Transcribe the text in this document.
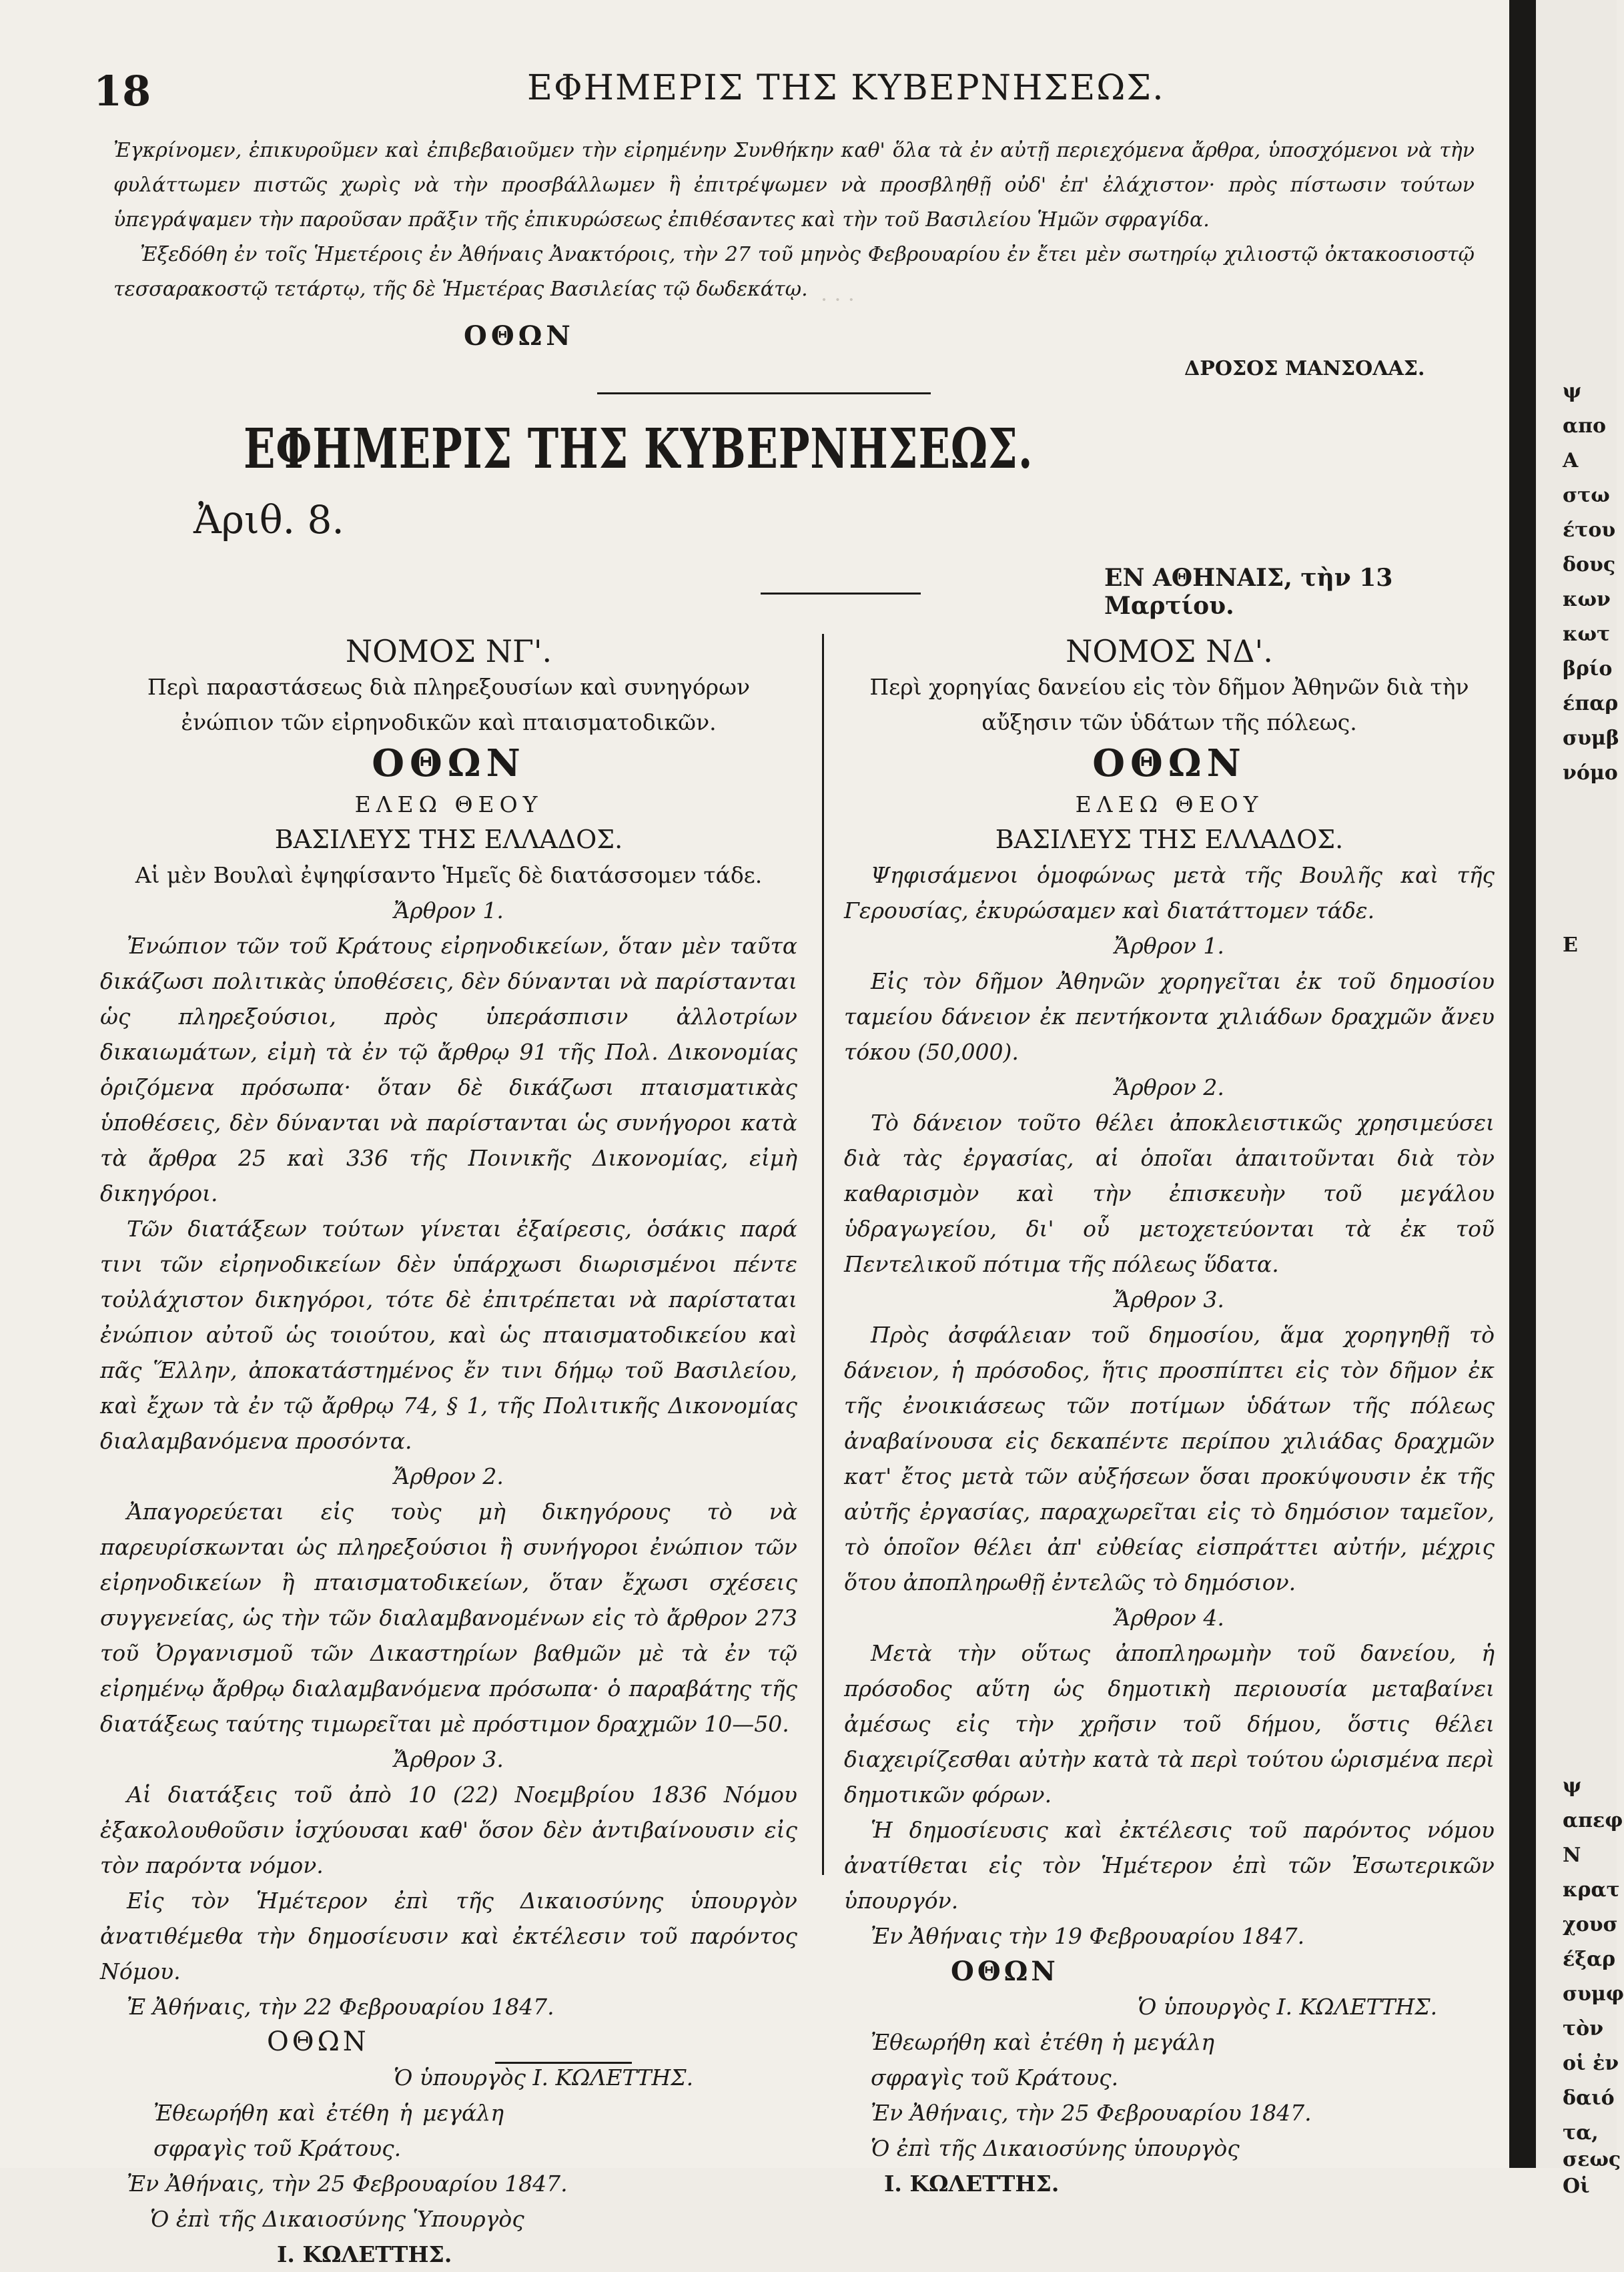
· · ·
18	ΕΦΗΜΕΡΙΣ ΤΗΣ ΚΥΒΕΡΝΗΣΕΩΣ.

Ἐγκρίνομεν, ἐπικυροῦμεν καὶ ἐπιβεβαιοῦμεν τὴν εἰρημένην Συνθήκην καθ' ὅλα τὰ ἐν αὐτῇ περιεχόμενα ἄρθρα, ὑποσχόμενοι νὰ τὴν φυλάττωμεν πιστῶς χωρὶς νὰ τὴν προσβάλλωμεν ἢ ἐπιτρέψωμεν νὰ προσβληθῇ οὐδ' ἐπ' ἐλάχιστον· πρὸς πίστωσιν τούτων ὑπεγράψαμεν τὴν παροῦσαν πρᾶξιν τῆς ἐπικυρώσεως ἐπιθέσαντες καὶ τὴν τοῦ Βασιλείου Ἡμῶν σφραγίδα.

Ἐξεδόθη ἐν τοῖς Ἡμετέροις ἐν Ἀθήναις Ἀνακτόροις, τὴν 27 τοῦ μηνὸς Φεβρουαρίου ἐν ἔτει μὲν σωτηρίῳ χιλιοστῷ ὀκτακοσιοστῷ τεσσαρακοστῷ τετάρτῳ, τῆς δὲ Ἡμετέρας Βασιλείας τῷ δωδεκάτῳ.

ΟΘΩΝ
ΔΡΟΣΟΣ ΜΑΝΣΟΛΑΣ.
ΕΦΗΜΕΡΙΣ ΤΗΣ ΚΥΒΕΡΝΗΣΕΩΣ.
Ἀριθ. 8.
ΕΝ ΑΘΗΝΑΙΣ, τὴν 13 Μαρτίου.

ΝΟΜΟΣ ΝΓ'.

Περὶ παραστάσεως διὰ πληρεξουσίων καὶ συνηγόρων ἐνώπιον τῶν εἰρηνοδικῶν καὶ πταισματοδικῶν.

ΟΘΩΝ

ΕΛΕΩ ΘΕΟΥ

ΒΑΣΙΛΕΥΣ ΤΗΣ ΕΛΛΑΔΟΣ.

Αἱ μὲν Βουλαὶ ἐψηφίσαντο Ἡμεῖς δὲ διατάσσομεν τάδε.

Ἄρθρον 1.

Ἐνώπιον τῶν τοῦ Κράτους εἰρηνοδικείων, ὅταν μὲν ταῦτα δικάζωσι πολιτικὰς ὑποθέσεις, δὲν δύνανται νὰ παρίστανται ὡς πληρεξούσιοι, πρὸς ὑπεράσπισιν ἀλλοτρίων δικαιωμάτων, εἰμὴ τὰ ἐν τῷ ἄρθρῳ 91 τῆς Πολ. Δικονομίας ὁριζόμενα πρόσωπα· ὅταν δὲ δικάζωσι πταισματικὰς ὑποθέσεις, δὲν δύνανται νὰ παρίστανται ὡς συνήγοροι κατὰ τὰ ἄρθρα 25 καὶ 336 τῆς Ποινικῆς Δικονομίας, εἰμὴ δικηγόροι.

Τῶν διατάξεων τούτων γίνεται ἐξαίρεσις, ὁσάκις παρά τινι τῶν εἰρηνοδικείων δὲν ὑπάρχωσι διωρισμένοι πέντε τοὐλάχιστον δικηγόροι, τότε δὲ ἐπιτρέπεται νὰ παρίσταται ἐνώπιον αὐτοῦ ὡς τοιούτου, καὶ ὡς πταισματοδικείου καὶ πᾶς Ἕλλην, ἀποκατάστημένος ἔν τινι δήμῳ τοῦ Βασιλείου, καὶ ἔχων τὰ ἐν τῷ ἄρθρῳ 74, § 1, τῆς Πολιτικῆς Δικονομίας διαλαμβανόμενα προσόντα.

Ἄρθρον 2.

Ἀπαγορεύεται εἰς τοὺς μὴ δικηγόρους τὸ νὰ παρευρίσκωνται ὡς πληρεξούσιοι ἢ συνήγοροι ἐνώπιον τῶν εἰρηνοδικείων ἢ πταισματοδικείων, ὅταν ἔχωσι σχέσεις συγγενείας, ὡς τὴν τῶν διαλαμβανομένων εἰς τὸ ἄρθρον 273 τοῦ Ὀργανισμοῦ τῶν Δικαστηρίων βαθμῶν μὲ τὰ ἐν τῷ εἰρημένῳ ἄρθρῳ διαλαμβανόμενα πρόσωπα· ὁ παραβάτης τῆς διατάξεως ταύτης τιμωρεῖται μὲ πρόστιμον δραχμῶν 10—50.

Ἄρθρον 3.

Αἱ διατάξεις τοῦ ἀπὸ 10 (22) Νοεμβρίου 1836 Νόμου ἐξακολουθοῦσιν ἰσχύουσαι καθ' ὅσον δὲν ἀντιβαίνουσιν εἰς τὸν παρόντα νόμον.

Εἰς τὸν Ἡμέτερον ἐπὶ τῆς Δικαιοσύνης ὑπουργὸν ἀνατιθέμεθα τὴν δημοσίευσιν καὶ ἐκτέλεσιν τοῦ παρόντος Νόμου.

Ἐ Ἀθήναις, τὴν 22 Φεβρουαρίου 1847.

ΟΘΩΝ

Ὁ ὑπουργὸς Ι. ΚΩΛΕΤΤΗΣ.

Ἐθεωρήθη καὶ ἐτέθη ἡ μεγάλη σφραγὶς τοῦ Κράτους.

Ἐν Ἀθήναις, τὴν 25 Φεβρουαρίου 1847.

Ὁ ἐπὶ τῆς Δικαιοσύνης Ὑπουργὸς

Ι. ΚΩΛΕΤΤΗΣ.

ΝΟΜΟΣ ΝΔ'.

Περὶ χορηγίας δανείου εἰς τὸν δῆμον Ἀθηνῶν διὰ τὴν αὔξησιν τῶν ὑδάτων τῆς πόλεως.

ΟΘΩΝ

ΕΛΕΩ ΘΕΟΥ

ΒΑΣΙΛΕΥΣ ΤΗΣ ΕΛΛΑΔΟΣ.

Ψηφισάμενοι ὁμοφώνως μετὰ τῆς Βουλῆς καὶ τῆς Γερουσίας, ἐκυρώσαμεν καὶ διατάττομεν τάδε.

Ἄρθρον 1.

Εἰς τὸν δῆμον Ἀθηνῶν χορηγεῖται ἐκ τοῦ δημοσίου ταμείου δάνειον ἐκ πεντήκοντα χιλιάδων δραχμῶν ἄνευ τόκου (50,000).

Ἄρθρον 2.

Τὸ δάνειον τοῦτο θέλει ἀποκλειστικῶς χρησιμεύσει διὰ τὰς ἐργασίας, αἱ ὁποῖαι ἀπαιτοῦνται διὰ τὸν καθαρισμὸν καὶ τὴν ἐπισκευὴν τοῦ μεγάλου ὑδραγωγείου, δι' οὗ μετοχετεύονται τὰ ἐκ τοῦ Πεντελικοῦ πότιμα τῆς πόλεως ὕδατα.

Ἄρθρον 3.

Πρὸς ἀσφάλειαν τοῦ δημοσίου, ἅμα χορηγηθῇ τὸ δάνειον, ἡ πρόσοδος, ἥτις προσπίπτει εἰς τὸν δῆμον ἐκ τῆς ἐνοικιάσεως τῶν ποτίμων ὑδάτων τῆς πόλεως ἀναβαίνουσα εἰς δεκαπέντε περίπου χιλιάδας δραχμῶν κατ' ἔτος μετὰ τῶν αὐξήσεων ὅσαι προκύψουσιν ἐκ τῆς αὐτῆς ἐργασίας, παραχωρεῖται εἰς τὸ δημόσιον ταμεῖον, τὸ ὁποῖον θέλει ἀπ' εὐθείας εἰσπράττει αὐτήν, μέχρις ὅτου ἀποπληρωθῇ ἐντελῶς τὸ δημόσιον.

Ἄρθρον 4.

Μετὰ τὴν οὕτως ἀποπληρωμὴν τοῦ δανείου, ἡ πρόσοδος αὕτη ὡς δημοτικὴ περιουσία μεταβαίνει ἀμέσως εἰς τὴν χρῆσιν τοῦ δήμου, ὅστις θέλει διαχειρίζεσθαι αὐτὴν κατὰ τὰ περὶ τούτου ὡρισμένα περὶ δημοτικῶν φόρων.

Ἡ δημοσίευσις καὶ ἐκτέλεσις τοῦ παρόντος νόμου ἀνατίθεται εἰς τὸν Ἡμέτερον ἐπὶ τῶν Ἐσωτερικῶν ὑπουργόν.

Ἐν Ἀθήναις τὴν 19 Φεβρουαρίου 1847.

ΟΘΩΝ

Ὁ ὑπουργὸς Ι. ΚΩΛΕΤΤΗΣ.

Ἐθεωρήθη καὶ ἐτέθη ἡ μεγάλη σφραγὶς τοῦ Κράτους.

Ἐν Ἀθήναις, τὴν 25 Φεβρουαρίου 1847.

Ὁ ἐπὶ τῆς Δικαιοσύνης ὑπουργὸς

Ι. ΚΩΛΕΤΤΗΣ.

ψ
απο
Α
στω
έτου
δους
κων
κωτ
βρίο
έπαρ
συμβ
νόμο
Ε
ψ
απεφ
Ν
κρατ
χουσ
έξαρ
συμφ
τὸν
οἱ ἐν
δαιό
τα,
σεως
Οἱ
